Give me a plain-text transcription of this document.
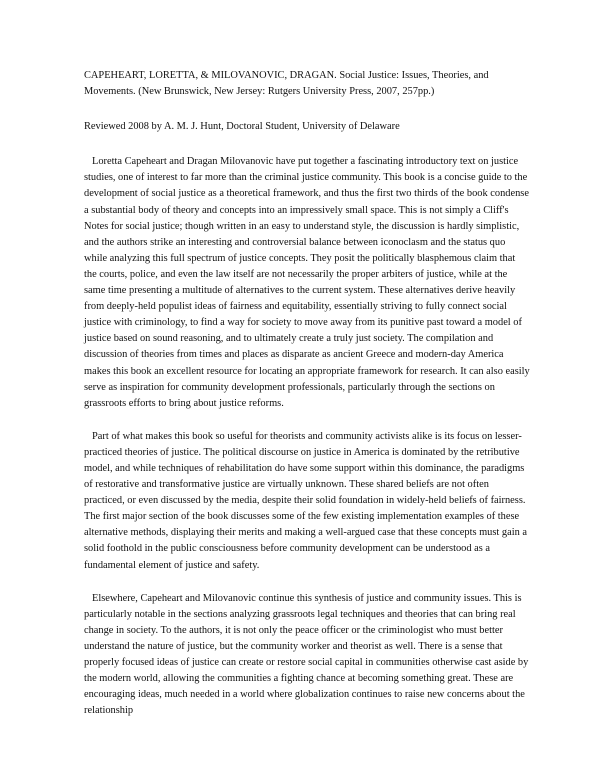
CAPEHEART, LORETTA, & MILOVANOVIC, DRAGAN. Social Justice: Issues, Theories, and Movements. (New Brunswick, New Jersey: Rutgers University Press, 2007, 257pp.)

Reviewed 2008 by A. M. J. Hunt, Doctoral Student, University of Delaware

Loretta Capeheart and Dragan Milovanovic have put together a fascinating introductory text on justice studies, one of interest to far more than the criminal justice community. This book is a concise guide to the development of social justice as a theoretical framework, and thus the first two thirds of the book condense a substantial body of theory and concepts into an impressively small space. This is not simply a Cliff's Notes for social justice; though written in an easy to understand style, the discussion is hardly simplistic, and the authors strike an interesting and controversial balance between iconoclasm and the status quo while analyzing this full spectrum of justice concepts. They posit the politically blasphemous claim that the courts, police, and even the law itself are not necessarily the proper arbiters of justice, while at the same time presenting a multitude of alternatives to the current system. These alternatives derive heavily from deeply-held populist ideas of fairness and equitability, essentially striving to fully connect social justice with criminology, to find a way for society to move away from its punitive past toward a model of justice based on sound reasoning, and to ultimately create a truly just society. The compilation and discussion of theories from times and places as disparate as ancient Greece and modern-day America makes this book an excellent resource for locating an appropriate framework for research. It can also easily serve as inspiration for community development professionals, particularly through the sections on grassroots efforts to bring about justice reforms.

Part of what makes this book so useful for theorists and community activists alike is its focus on lesser-practiced theories of justice. The political discourse on justice in America is dominated by the retributive model, and while techniques of rehabilitation do have some support within this dominance, the paradigms of restorative and transformative justice are virtually unknown. These shared beliefs are not often practiced, or even discussed by the media, despite their solid foundation in widely-held beliefs of fairness. The first major section of the book discusses some of the few existing implementation examples of these alternative methods, displaying their merits and making a well-argued case that these concepts must gain a solid foothold in the public consciousness before community development can be understood as a fundamental element of justice and safety.

Elsewhere, Capeheart and Milovanovic continue this synthesis of justice and community issues. This is particularly notable in the sections analyzing grassroots legal techniques and theories that can bring real change in society. To the authors, it is not only the peace officer or the criminologist who must better understand the nature of justice, but the community worker and theorist as well. There is a sense that properly focused ideas of justice can create or restore social capital in communities otherwise cast aside by the modern world, allowing the communities a fighting chance at becoming something great. These are encouraging ideas, much needed in a world where globalization continues to raise new concerns about the relationship
